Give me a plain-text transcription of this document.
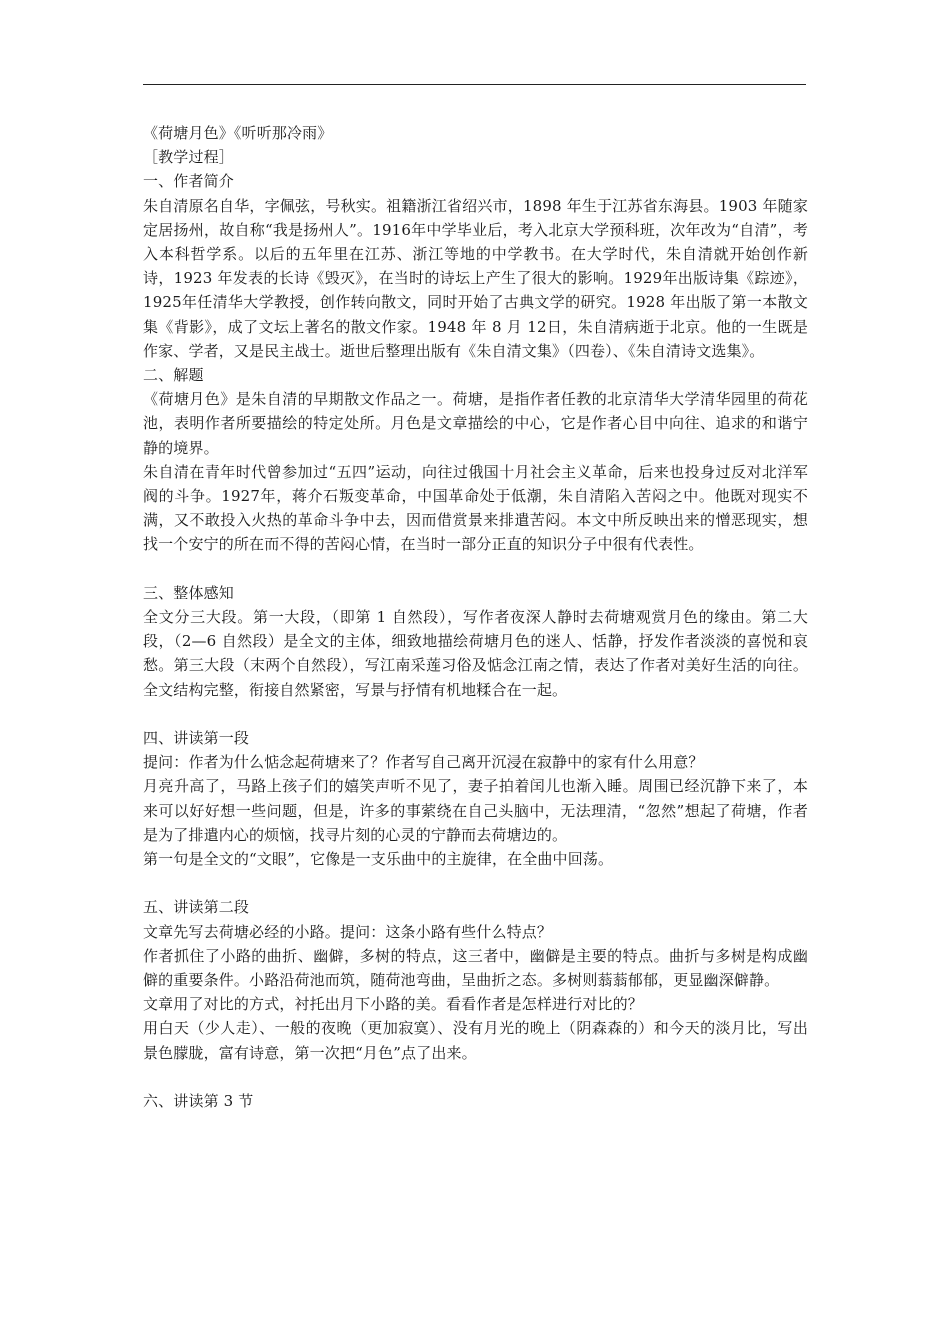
《荷塘月色》《听听那冷雨》

［教学过程］

一、作者简介

朱自清原名自华，字佩弦，号秋实。祖籍浙江省绍兴市，1898 年生于江苏省东海县。1903 年随家定居扬州，故自称“我是扬州人”。1916年中学毕业后，考入北京大学预科班，次年改为“自清”，考入本科哲学系。以后的五年里在江苏、浙江等地的中学教书。在大学时代，朱自清就开始创作新诗，1923 年发表的长诗《毁灭》，在当时的诗坛上产生了很大的影响。1929年出版诗集《踪迹》，1925年任清华大学教授，创作转向散文，同时开始了古典文学的研究。1928 年出版了第一本散文集《背影》，成了文坛上著名的散文作家。1948 年 8 月 12日，朱自清病逝于北京。他的一生既是作家、学者，又是民主战士。逝世后整理出版有《朱自清文集》（四卷）、《朱自清诗文选集》。

二、解题

《荷塘月色》是朱自清的早期散文作品之一。荷塘，是指作者任教的北京清华大学清华园里的荷花池，表明作者所要描绘的特定处所。月色是文章描绘的中心，它是作者心目中向往、追求的和谐宁静的境界。

朱自清在青年时代曾参加过“五四”运动，向往过俄国十月社会主义革命，后来也投身过反对北洋军阀的斗争。1927年，蒋介石叛变革命，中国革命处于低潮，朱自清陷入苦闷之中。他既对现实不满，又不敢投入火热的革命斗争中去，因而借赏景来排遣苦闷。本文中所反映出来的憎恶现实，想找一个安宁的所在而不得的苦闷心情，在当时一部分正直的知识分子中很有代表性。

三、整体感知

全文分三大段。第一大段，（即第 1 自然段），写作者夜深人静时去荷塘观赏月色的缘由。第二大段，（2—6 自然段）是全文的主体，细致地描绘荷塘月色的迷人、恬静，抒发作者淡淡的喜悦和哀愁。第三大段（末两个自然段），写江南采莲习俗及惦念江南之情，表达了作者对美好生活的向往。全文结构完整，衔接自然紧密，写景与抒情有机地糅合在一起。

四、讲读第一段

提问：作者为什么惦念起荷塘来了？作者写自己离开沉浸在寂静中的家有什么用意？

月亮升高了，马路上孩子们的嬉笑声听不见了，妻子拍着闰儿也渐入睡。周围已经沉静下来了，本来可以好好想一些问题，但是，许多的事萦绕在自己头脑中，无法理清，“忽然”想起了荷塘，作者是为了排遣内心的烦恼，找寻片刻的心灵的宁静而去荷塘边的。

第一句是全文的“文眼”，它像是一支乐曲中的主旋律，在全曲中回荡。

五、讲读第二段

文章先写去荷塘必经的小路。提问：这条小路有些什么特点？

作者抓住了小路的曲折、幽僻，多树的特点，这三者中，幽僻是主要的特点。曲折与多树是构成幽僻的重要条件。小路沿荷池而筑，随荷池弯曲，呈曲折之态。多树则蓊蓊郁郁，更显幽深僻静。

文章用了对比的方式，衬托出月下小路的美。看看作者是怎样进行对比的？

用白天（少人走）、一般的夜晚（更加寂寞）、没有月光的晚上（阴森森的）和今天的淡月比，写出景色朦胧，富有诗意，第一次把“月色”点了出来。

六、讲读第 3 节
